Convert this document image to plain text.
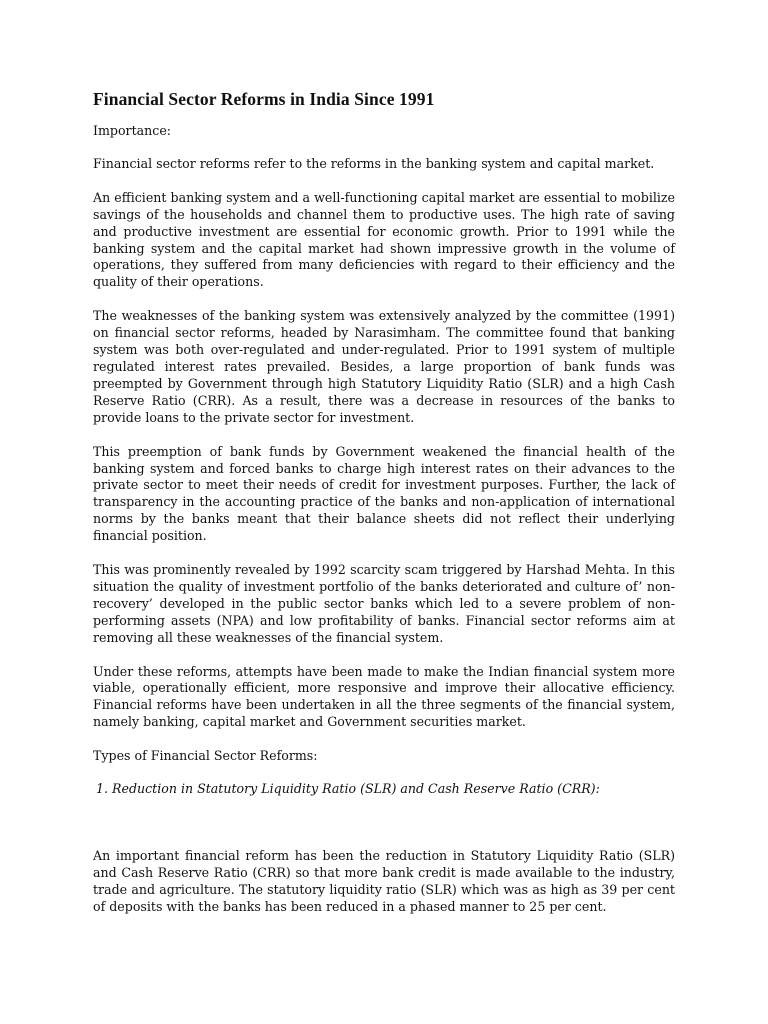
Financial Sector Reforms in India Since 1991
Importance:
Financial sector reforms refer to the reforms in the banking system and capital market.
An efficient banking system and a well-functioning capital market are essential to mobilize savings of the households and channel them to productive uses. The high rate of saving and productive investment are essential for economic growth. Prior to 1991 while the banking system and the capital market had shown impressive growth in the volume of operations, they suffered from many deficiencies with regard to their efficiency and the quality of their operations.
The weaknesses of the banking system was extensively analyzed by the committee (1991) on financial sector reforms, headed by Narasimham. The committee found that banking system was both over-regulated and under-regulated. Prior to 1991 system of multiple regulated interest rates prevailed. Besides, a large proportion of bank funds was preempted by Government through high Statutory Liquidity Ratio (SLR) and a high Cash Reserve Ratio (CRR). As a result, there was a decrease in resources of the banks to provide loans to the private sector for investment.
This preemption of bank funds by Government weakened the financial health of the banking system and forced banks to charge high interest rates on their advances to the private sector to meet their needs of credit for investment purposes. Further, the lack of transparency in the accounting practice of the banks and non-application of international norms by the banks meant that their balance sheets did not reflect their underlying financial position.
This was prominently revealed by 1992 scarcity scam triggered by Harshad Mehta. In this situation the quality of investment portfolio of the banks deteriorated and culture of’ non-recovery’ developed in the public sector banks which led to a severe problem of non-performing assets (NPA) and low profitability of banks. Financial sector reforms aim at removing all these weaknesses of the financial system.
Under these reforms, attempts have been made to make the Indian financial system more viable, operationally efficient, more responsive and improve their allocative efficiency. Financial reforms have been undertaken in all the three segments of the financial system, namely banking, capital market and Government securities market.
Types of Financial Sector Reforms:
1. Reduction in Statutory Liquidity Ratio (SLR) and Cash Reserve Ratio (CRR):
An important financial reform has been the reduction in Statutory Liquidity Ratio (SLR) and Cash Reserve Ratio (CRR) so that more bank credit is made available to the industry, trade and agriculture. The statutory liquidity ratio (SLR) which was as high as 39 per cent of deposits with the banks has been reduced in a phased manner to 25 per cent.
